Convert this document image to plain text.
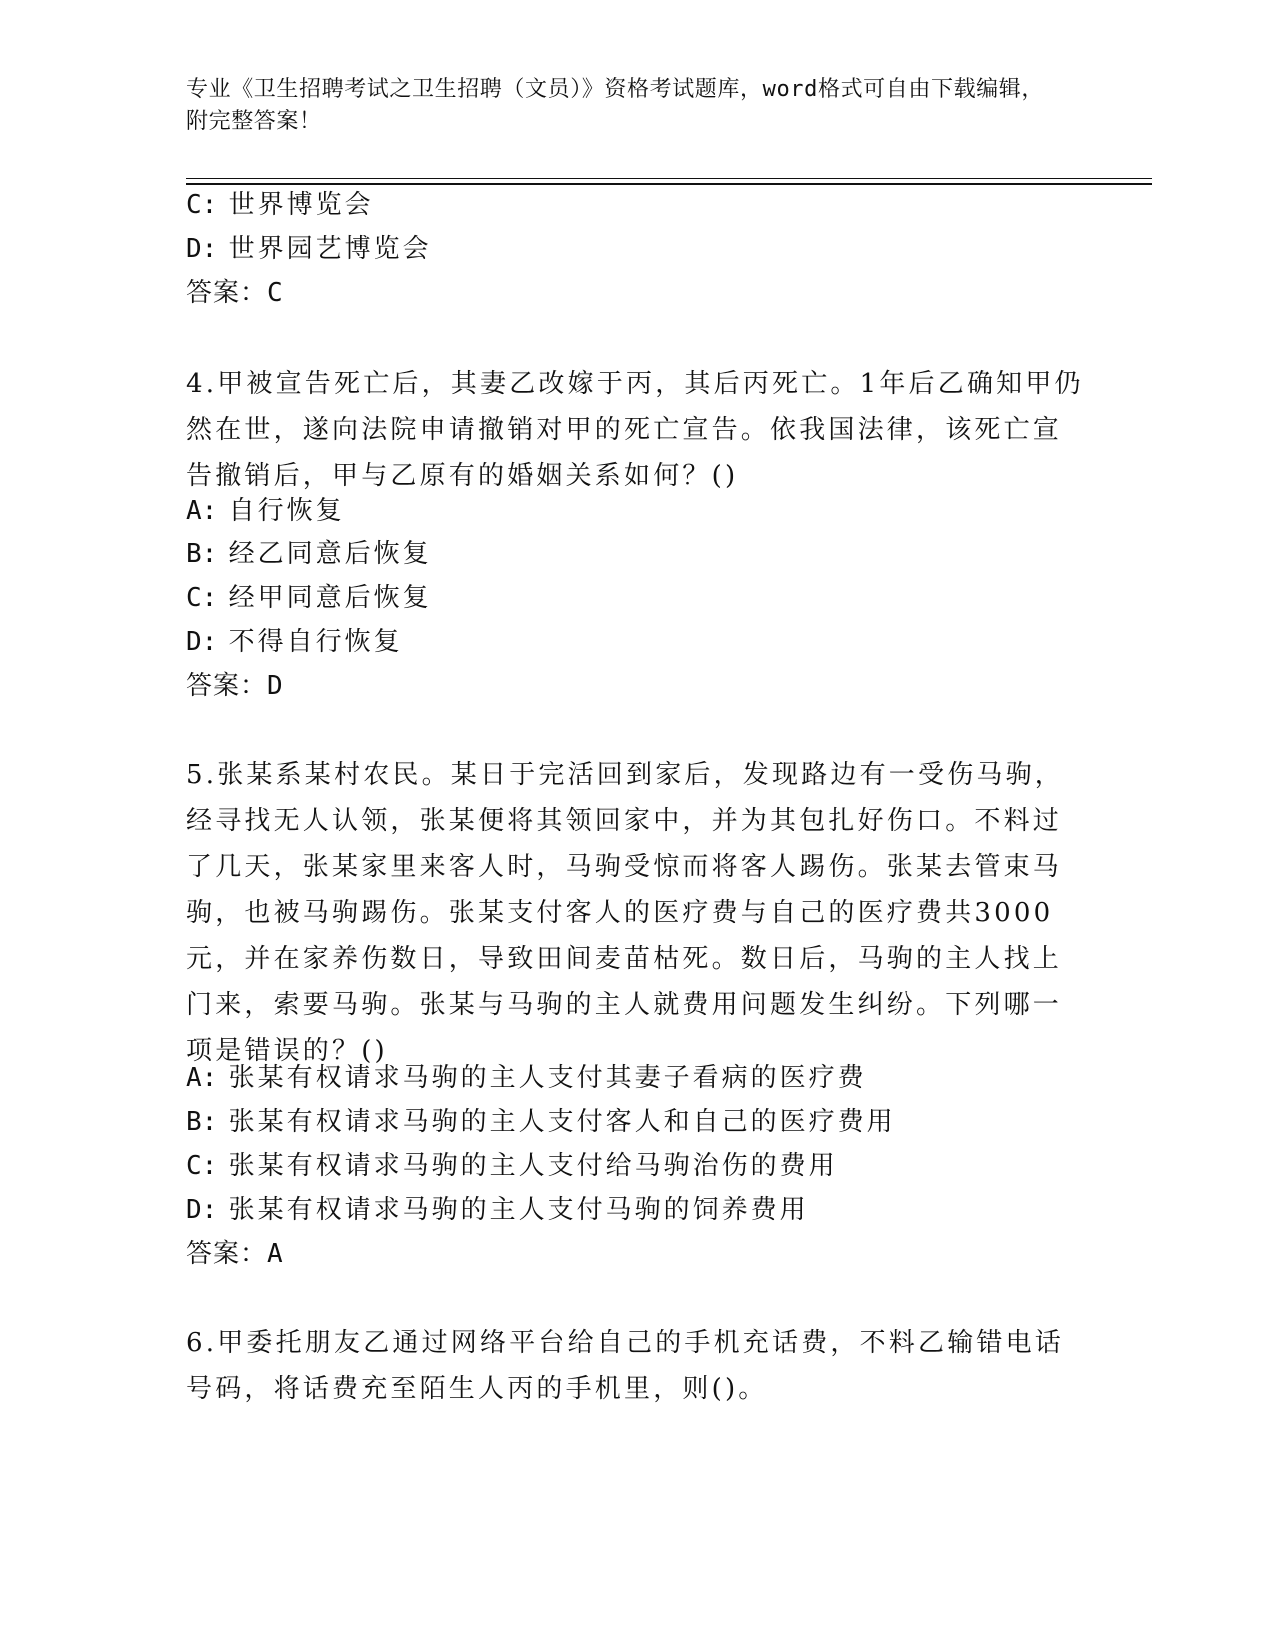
专业《卫生招聘考试之卫生招聘（文员）》资格考试题库，word格式可自由下载编辑，附完整答案！
C: 世界博览会
D: 世界园艺博览会
答案：C
4.甲被宣告死亡后，其妻乙改嫁于丙，其后丙死亡。1年后乙确知甲仍然在世，遂向法院申请撤销对甲的死亡宣告。依我国法律，该死亡宣告撤销后，甲与乙原有的婚姻关系如何？()
A: 自行恢复
B: 经乙同意后恢复
C: 经甲同意后恢复
D: 不得自行恢复
答案：D
5.张某系某村农民。某日于完活回到家后，发现路边有一受伤马驹，经寻找无人认领，张某便将其领回家中，并为其包扎好伤口。不料过了几天，张某家里来客人时，马驹受惊而将客人踢伤。张某去管束马驹，也被马驹踢伤。张某支付客人的医疗费与自己的医疗费共3000元，并在家养伤数日，导致田间麦苗枯死。数日后，马驹的主人找上门来，索要马驹。张某与马驹的主人就费用问题发生纠纷。下列哪一项是错误的？()
A: 张某有权请求马驹的主人支付其妻子看病的医疗费
B: 张某有权请求马驹的主人支付客人和自己的医疗费用
C: 张某有权请求马驹的主人支付给马驹治伤的费用
D: 张某有权请求马驹的主人支付马驹的饲养费用
答案：A
6.甲委托朋友乙通过网络平台给自己的手机充话费，不料乙输错电话号码，将话费充至陌生人丙的手机里，则()。
